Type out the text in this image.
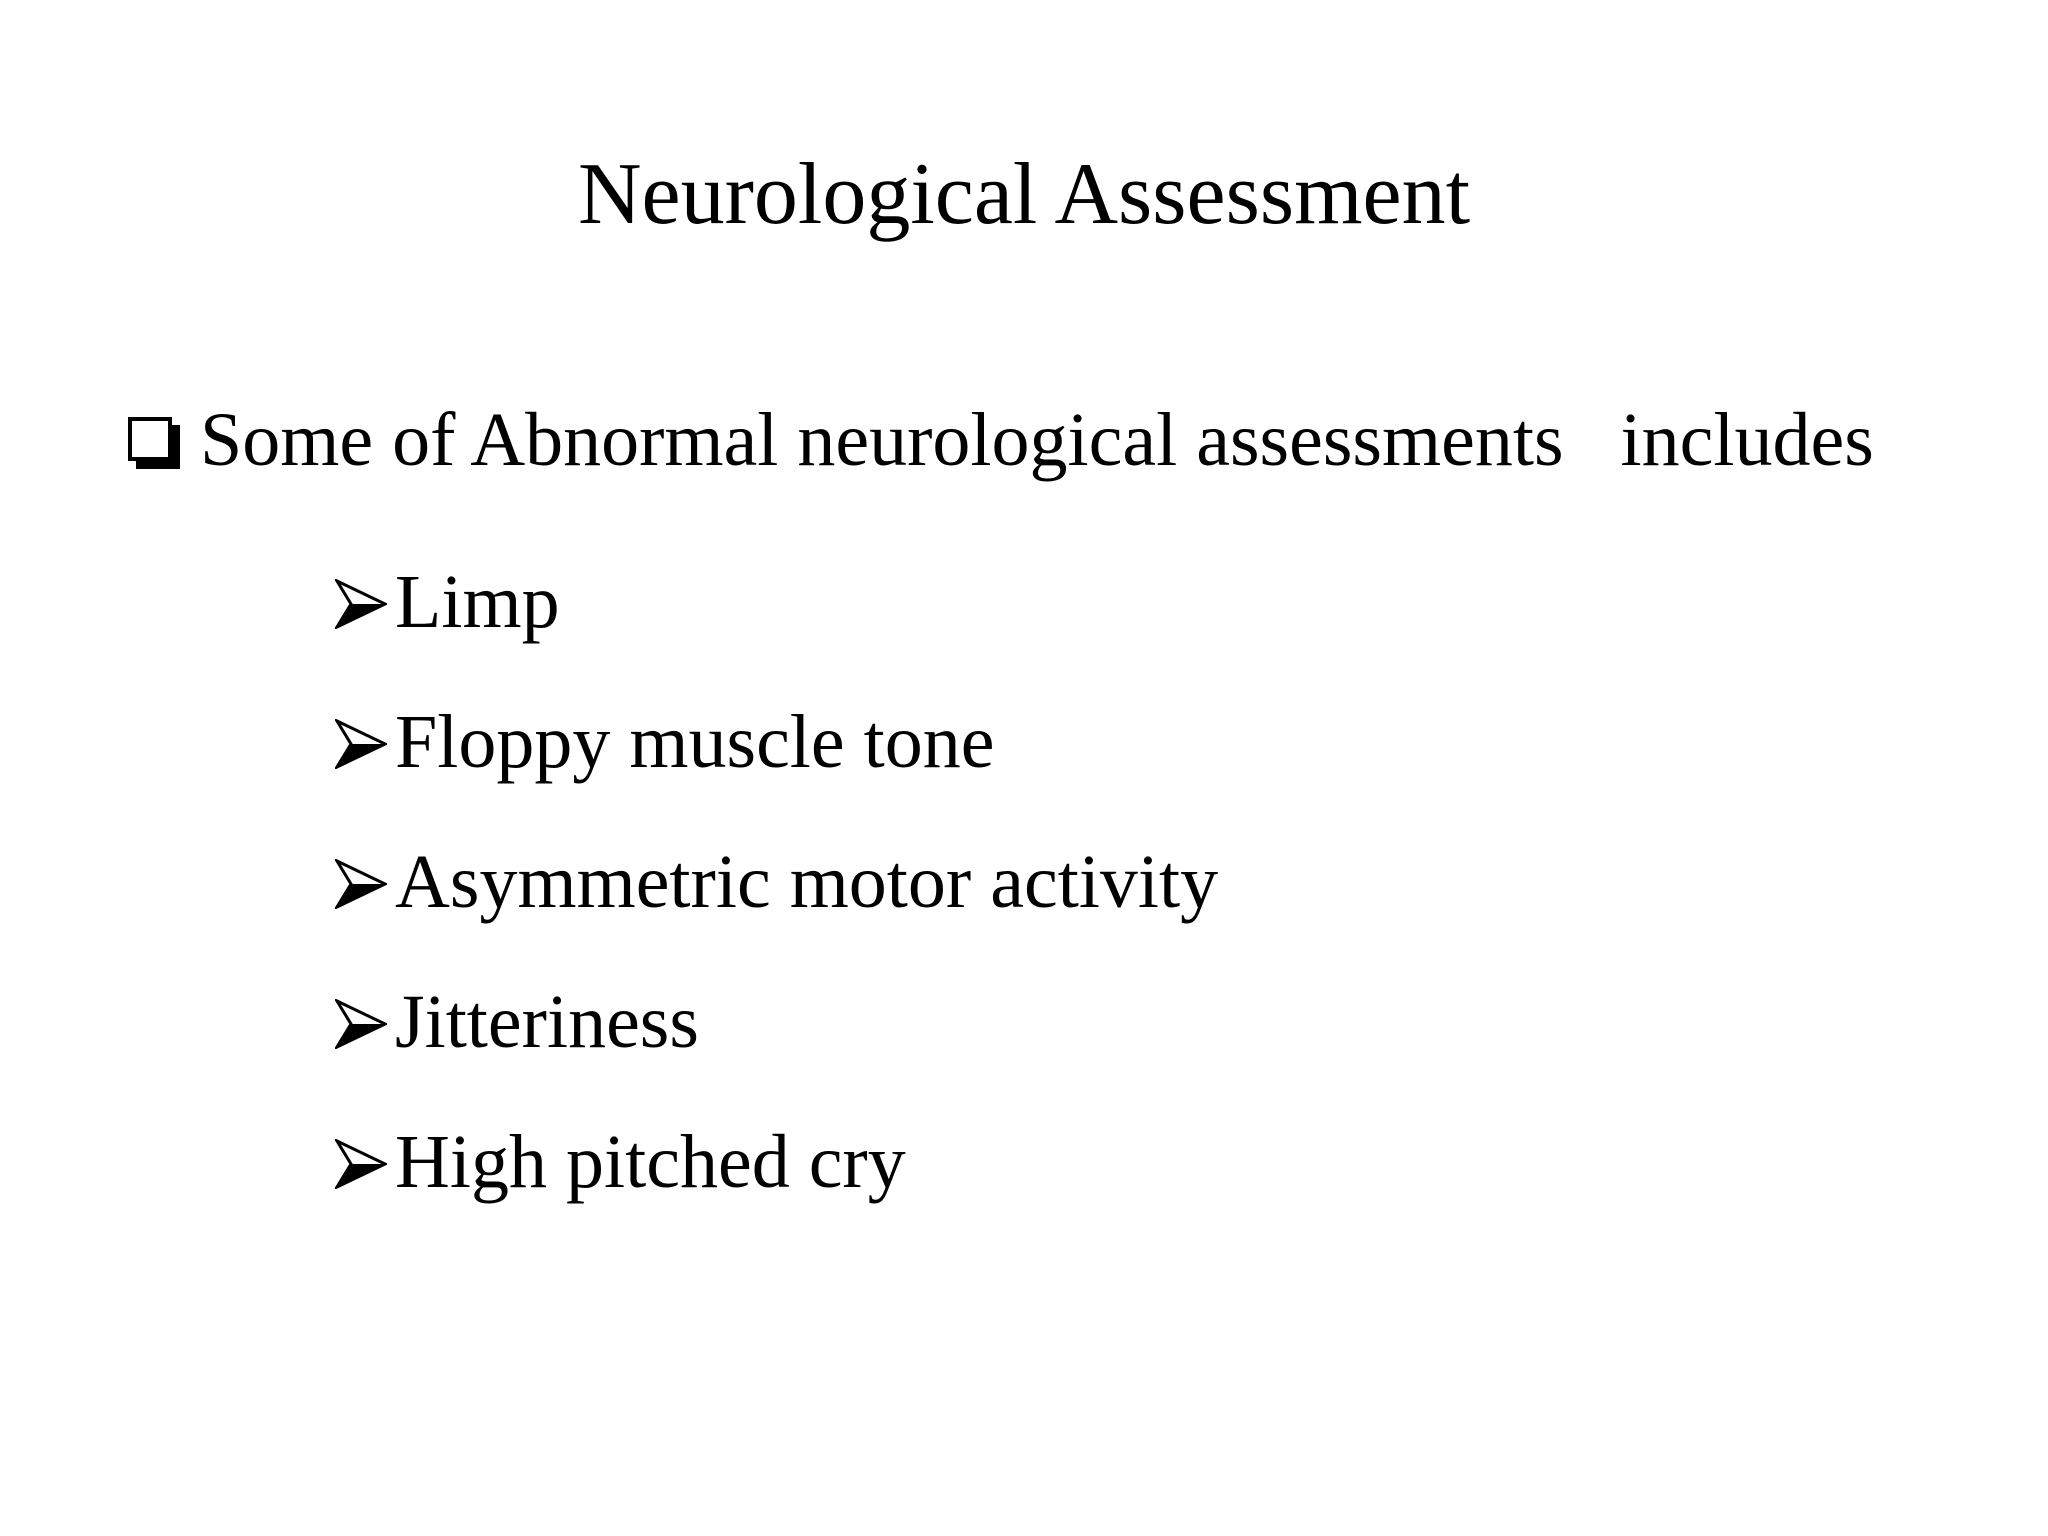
Neurological Assessment

Some of Abnormal neurological assessments   includes
Limp
Floppy muscle tone
Asymmetric motor activity
Jitteriness
High pitched cry
